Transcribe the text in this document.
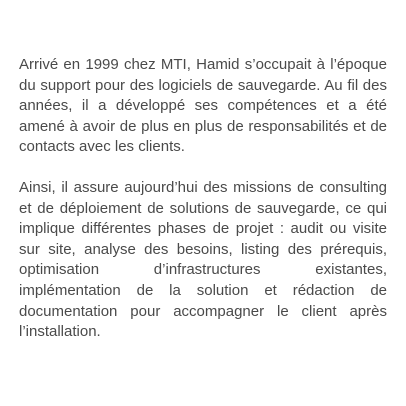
Arrivé en 1999 chez MTI, Hamid s’occupait à l’époque du support pour des logiciels de sauvegarde. Au fil des années, il a développé ses compétences et a été amené à avoir de plus en plus de responsabilités et de contacts avec les clients.

Ainsi, il assure aujourd’hui des missions de consulting et de déploiement de solutions de sauvegarde, ce qui implique différentes phases de projet : audit ou visite sur site, analyse des besoins, listing des prérequis, optimisation d’infrastructures existantes, implémentation de la solution et rédaction de documentation pour accompagner le client après l’installation.
